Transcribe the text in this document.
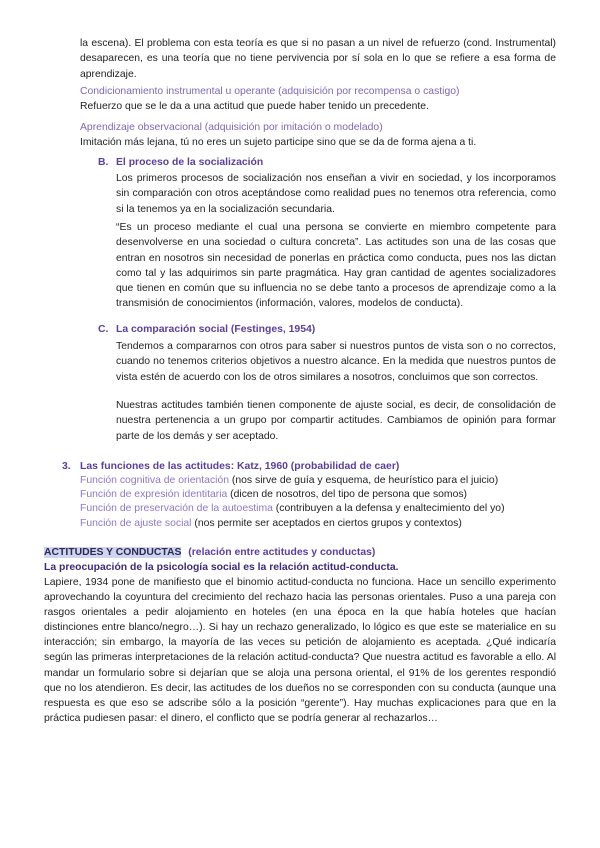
la escena). El problema con esta teoría es que si no pasan a un nivel de refuerzo (cond. Instrumental) desaparecen, es una teoría que no tiene pervivencia por sí sola en lo que se refiere a esa forma de aprendizaje.

Condicionamiento instrumental u operante (adquisición por recompensa o castigo)

Refuerzo que se le da a una actitud que puede haber tenido un precedente.

Aprendizaje observacional (adquisición por imitación o modelado)

Imitación más lejana, tú no eres un sujeto participe sino que se da de forma ajena a ti.

B. El proceso de la socialización

Los primeros procesos de socialización nos enseñan a vivir en sociedad, y los incorporamos sin comparación con otros aceptándose como realidad pues no tenemos otra referencia, como si la tenemos ya en la socialización secundaria.

“Es un proceso mediante el cual una persona se convierte en miembro competente para desenvolverse en una sociedad o cultura concreta”. Las actitudes son una de las cosas que entran en nosotros sin necesidad de ponerlas en práctica como conducta, pues nos las dictan como tal y las adquirimos sin parte pragmática. Hay gran cantidad de agentes socializadores que tienen en común que su influencia no se debe tanto a procesos de aprendizaje como a la transmisión de conocimientos (información, valores, modelos de conducta).

C. La comparación social (Festinges, 1954)

Tendemos a compararnos con otros para saber si nuestros puntos de vista son o no correctos, cuando no tenemos criterios objetivos a nuestro alcance. En la medida que nuestros puntos de vista estén de acuerdo con los de otros similares a nosotros, concluimos que son correctos.

Nuestras actitudes también tienen componente de ajuste social, es decir, de consolidación de nuestra pertenencia a un grupo por compartir actitudes. Cambiamos de opinión para formar parte de los demás y ser aceptado.

3. Las funciones de las actitudes: Katz, 1960 (probabilidad de caer)
Función cognitiva de orientación (nos sirve de guía y esquema, de heurístico para el juicio)
Función de expresión identitaria (dicen de nosotros, del tipo de persona que somos)
Función de preservación de la autoestima (contribuyen a la defensa y enaltecimiento del yo)
Función de ajuste social (nos permite ser aceptados en ciertos grupos y contextos)
ACTITUDES Y CONDUCTAS (relación entre actitudes y conductas)

La preocupación de la psicología social es la relación actitud-conducta.

Lapiere, 1934 pone de manifiesto que el binomio actitud-conducta no funciona. Hace un sencillo experimento aprovechando la coyuntura del crecimiento del rechazo hacia las personas orientales. Puso a una pareja con rasgos orientales a pedir alojamiento en hoteles (en una época en la que había hoteles que hacían distinciones entre blanco/negro…). Si hay un rechazo generalizado, lo lógico es que este se materialice en su interacción; sin embargo, la mayoría de las veces su petición de alojamiento es aceptada. ¿Qué indicaría según las primeras interpretaciones de la relación actitud-conducta? Que nuestra actitud es favorable a ello. Al mandar un formulario sobre si dejarían que se aloja una persona oriental, el 91% de los gerentes respondió que no los atendieron. Es decir, las actitudes de los dueños no se corresponden con su conducta (aunque una respuesta es que eso se adscribe sólo a la posición “gerente”). Hay muchas explicaciones para que en la práctica pudiesen pasar: el dinero, el conflicto que se podría generar al rechazarlos…
